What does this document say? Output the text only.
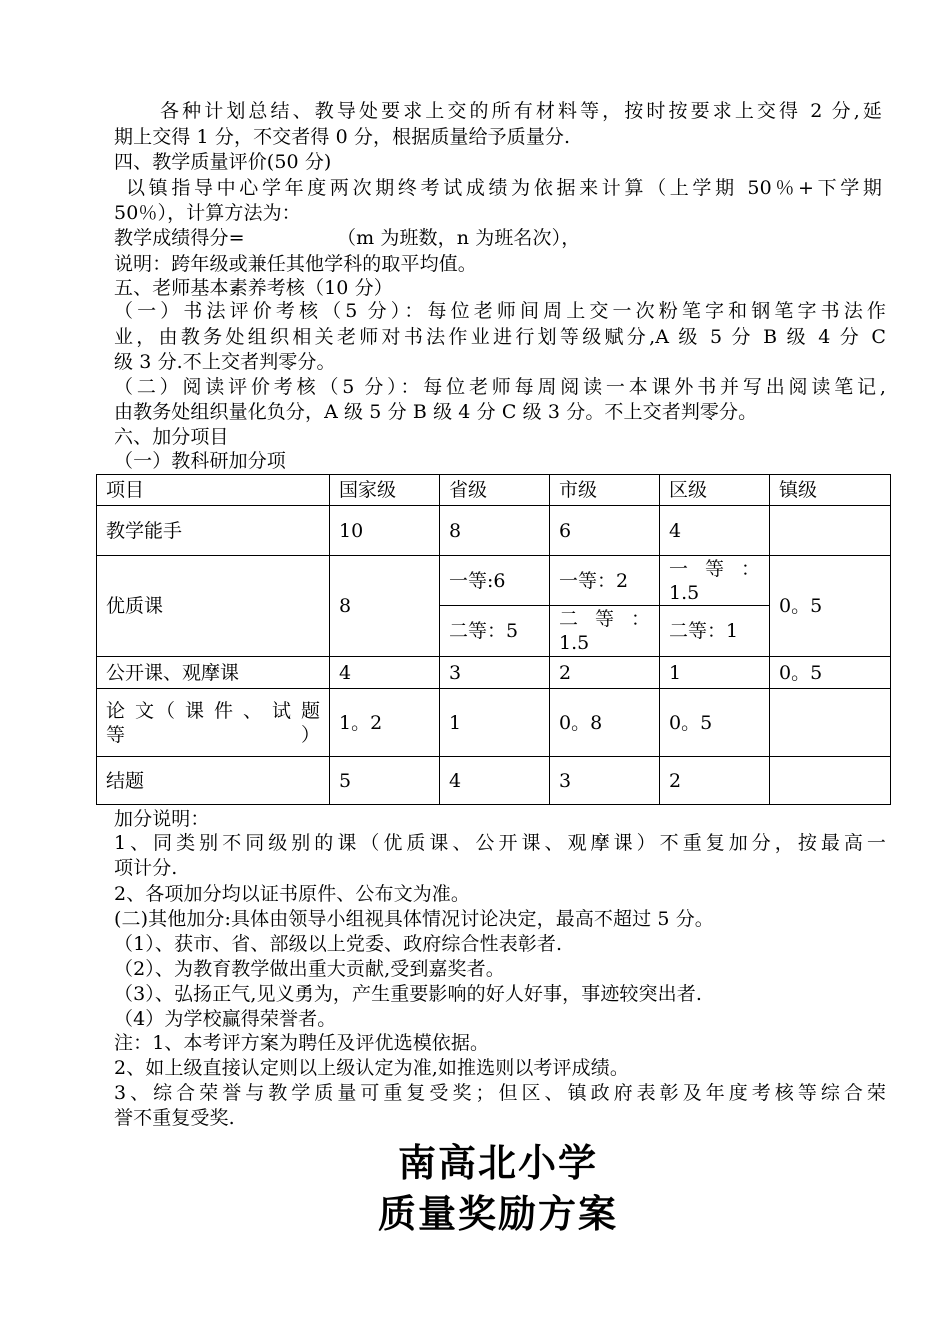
各种计划总结、教导处要求上交的所有材料等，按时按要求上交得 2 分,延
期上交得 1 分，不交者得 0 分，根据质量给予质量分.
四、教学质量评价(50 分)
以镇指导中心学年度两次期终考试成绩为依据来计算（上学期 50％+下学期
50％），计算方法为：
教学成绩得分=	（m 为班数，n 为班名次），
说明：跨年级或兼任其他学科的取平均值。
五、老师基本素养考核（10 分）
（一）书法评价考核（5 分）：每位老师间周上交一次粉笔字和钢笔字书法作
业，由教务处组织相关老师对书法作业进行划等级赋分,A 级 5 分 B 级 4 分 C
级 3 分.不上交者判零分。
（二）阅读评价考核（5 分）：每位老师每周阅读一本课外书并写出阅读笔记,
由教务处组织量化负分，A 级 5 分 B 级 4 分 C 级 3 分。不上交者判零分。
六、加分项目
（一）教科研加分项
项目	国家级	省级	市级	区级	镇级
教学能手	10	8	6	4	
优质课	8	一等:6	一等：2	一 等 ： 1.5	0。5
		二等：5	二 等 ： 1.5	二等：1	
公开课、观摩课	4	3	2	1	0。5
论 文（ 课 件 、 试 题 等）	1。2	1	0。8	0。5	
结题	5	4	3	2	
加分说明：
1、同类别不同级别的课（优质课、公开课、观摩课）不重复加分，按最高一
项计分.
2、各项加分均以证书原件、公布文为准。
(二)其他加分:具体由领导小组视具体情况讨论决定，最高不超过 5 分。
（1）、获市、省、部级以上党委、政府综合性表彰者.
（2）、为教育教学做出重大贡献,受到嘉奖者。
（3）、弘扬正气,见义勇为，产生重要影响的好人好事，事迹较突出者.
（4）为学校赢得荣誉者。
注：1、本考评方案为聘任及评优选模依据。
2、如上级直接认定则以上级认定为准,如推选则以考评成绩。
3、综合荣誉与教学质量可重复受奖；但区、镇政府表彰及年度考核等综合荣
誉不重复受奖.
南高北小学
质量奖励方案
